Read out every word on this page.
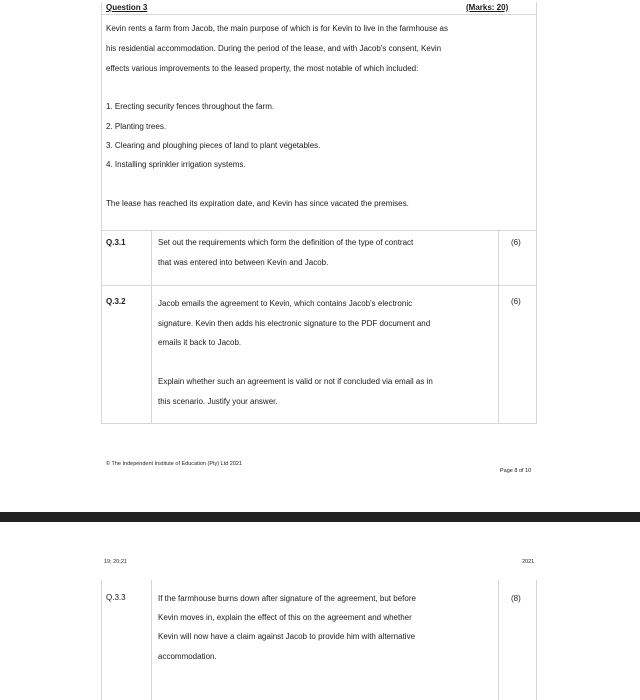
Question 3	(Marks: 20)
Kevin rents a farm from Jacob, the main purpose of which is for Kevin to live in the farmhouse as
his residential accommodation. During the period of the lease, and with Jacob's consent, Kevin
effects various improvements to the leased property, the most notable of which included:
1. Erecting security fences throughout the farm.
2. Planting trees.
3. Clearing and ploughing pieces of land to plant vegetables.
4. Installing sprinkler irrigation systems.
The lease has reached its expiration date, and Kevin has since vacated the premises.
Q.3.1	Set out the requirements which form the definition of the type of contract
that was entered into between Kevin and Jacob.
(6)
Q.3.2	Jacob emails the agreement to Kevin, which contains Jacob's electronic
signature. Kevin then adds his electronic signature to the PDF document and
emails it back to Jacob.
Explain whether such an agreement is valid or not if concluded via email as in
this scenario. Justify your answer.
(6)
© The Independent Institute of Education (Pty) Ltd 2021
Page 8 of 10
19; 20;21	2021
Q.3.3	If the farmhouse burns down after signature of the agreement, but before
Kevin moves in, explain the effect of this on the agreement and whether
Kevin will now have a claim against Jacob to provide him with alternative
accommodation.
(8)
